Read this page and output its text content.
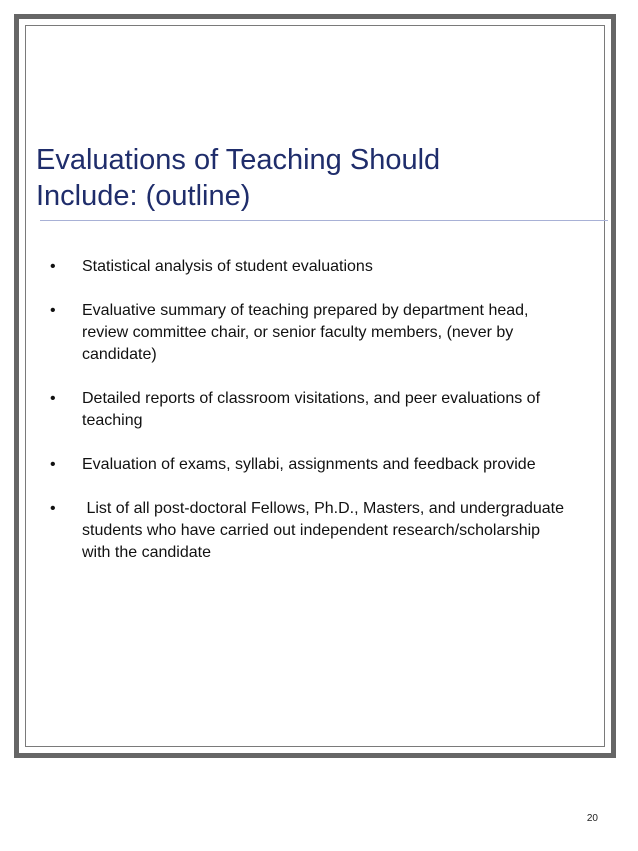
Evaluations of Teaching Should
Include: (outline)
• Statistical analysis of student evaluations
• Evaluative summary of teaching prepared by department head, review committee chair, or senior faculty members, (never by candidate)
• Detailed reports of classroom visitations, and peer evaluations of teaching
• Evaluation of exams, syllabi, assignments and feedback provide
• List of all post-doctoral Fellows, Ph.D., Masters, and undergraduate students who have carried out independent research/scholarship with the candidate
20
